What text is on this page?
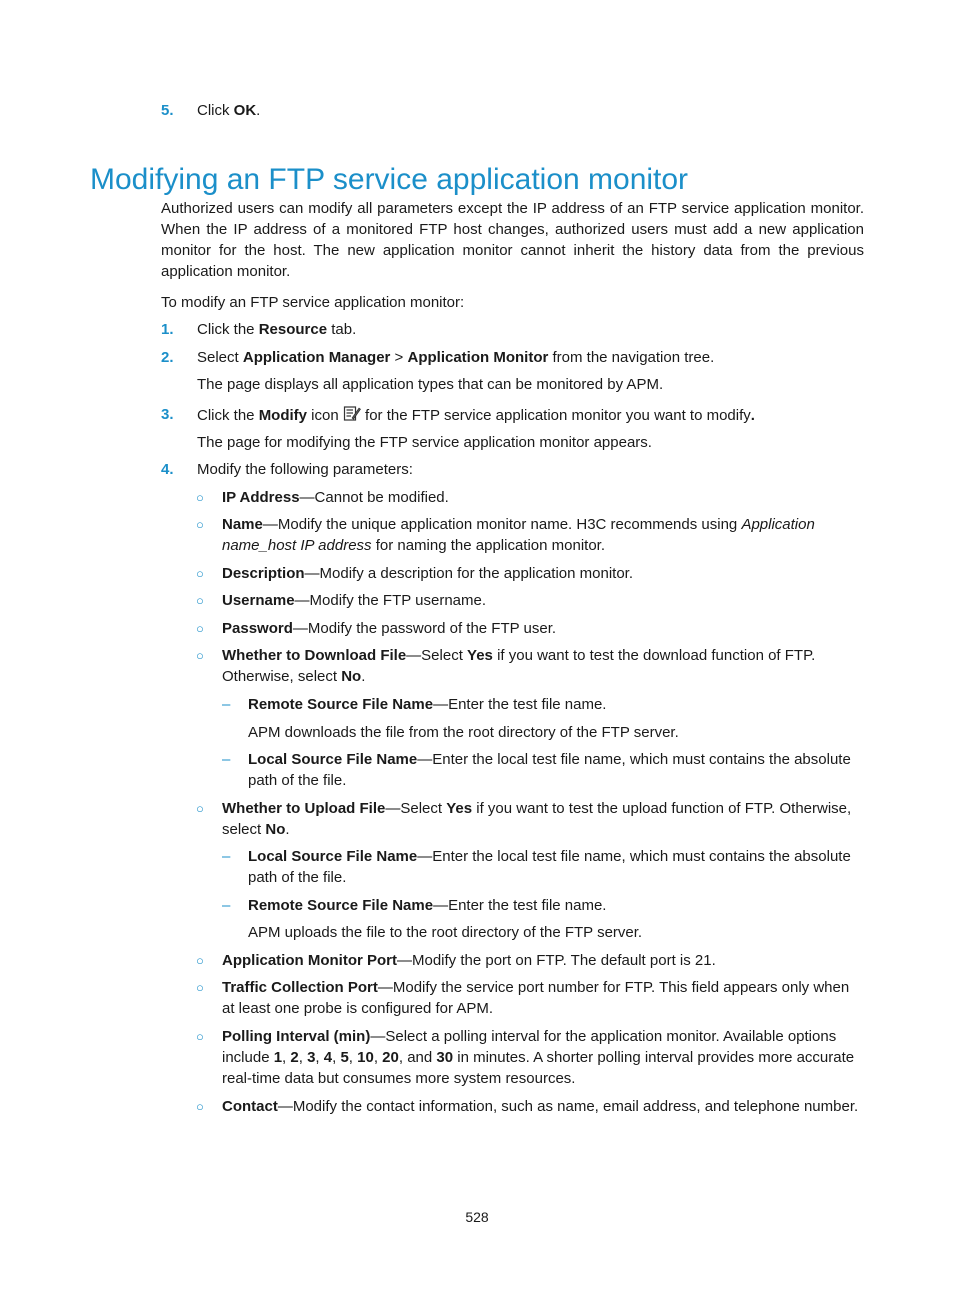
5. Click OK.
Modifying an FTP service application monitor

Authorized users can modify all parameters except the IP address of an FTP service application monitor. When the IP address of a monitored FTP host changes, authorized users must add a new application monitor for the host. The new application monitor cannot inherit the history data from the previous application monitor.

To modify an FTP service application monitor:
1. Click the Resource tab.
2. Select Application Manager > Application Monitor from the navigation tree.
The page displays all application types that can be monitored by APM.
3. Click the Modify icon  for the FTP service application monitor you want to modify.
The page for modifying the FTP service application monitor appears.
4. Modify the following parameters:
○ IP Address—Cannot be modified.
○ Name—Modify the unique application monitor name. H3C recommends using Application name_host IP address for naming the application monitor.
○ Description—Modify a description for the application monitor.
○ Username—Modify the FTP username.
○ Password—Modify the password of the FTP user.
○ Whether to Download File—Select Yes if you want to test the download function of FTP. Otherwise, select No.
– Remote Source File Name—Enter the test file name.
APM downloads the file from the root directory of the FTP server.
– Local Source File Name—Enter the local test file name, which must contains the absolute path of the file.
○ Whether to Upload File—Select Yes if you want to test the upload function of FTP. Otherwise, select No.
– Local Source File Name—Enter the local test file name, which must contains the absolute path of the file.
– Remote Source File Name—Enter the test file name.
APM uploads the file to the root directory of the FTP server.
○ Application Monitor Port—Modify the port on FTP. The default port is 21.
○ Traffic Collection Port—Modify the service port number for FTP. This field appears only when at least one probe is configured for APM.
○ Polling Interval (min)—Select a polling interval for the application monitor. Available options include 1, 2, 3, 4, 5, 10, 20, and 30 in minutes. A shorter polling interval provides more accurate real-time data but consumes more system resources.
○ Contact—Modify the contact information, such as name, email address, and telephone number.
528
